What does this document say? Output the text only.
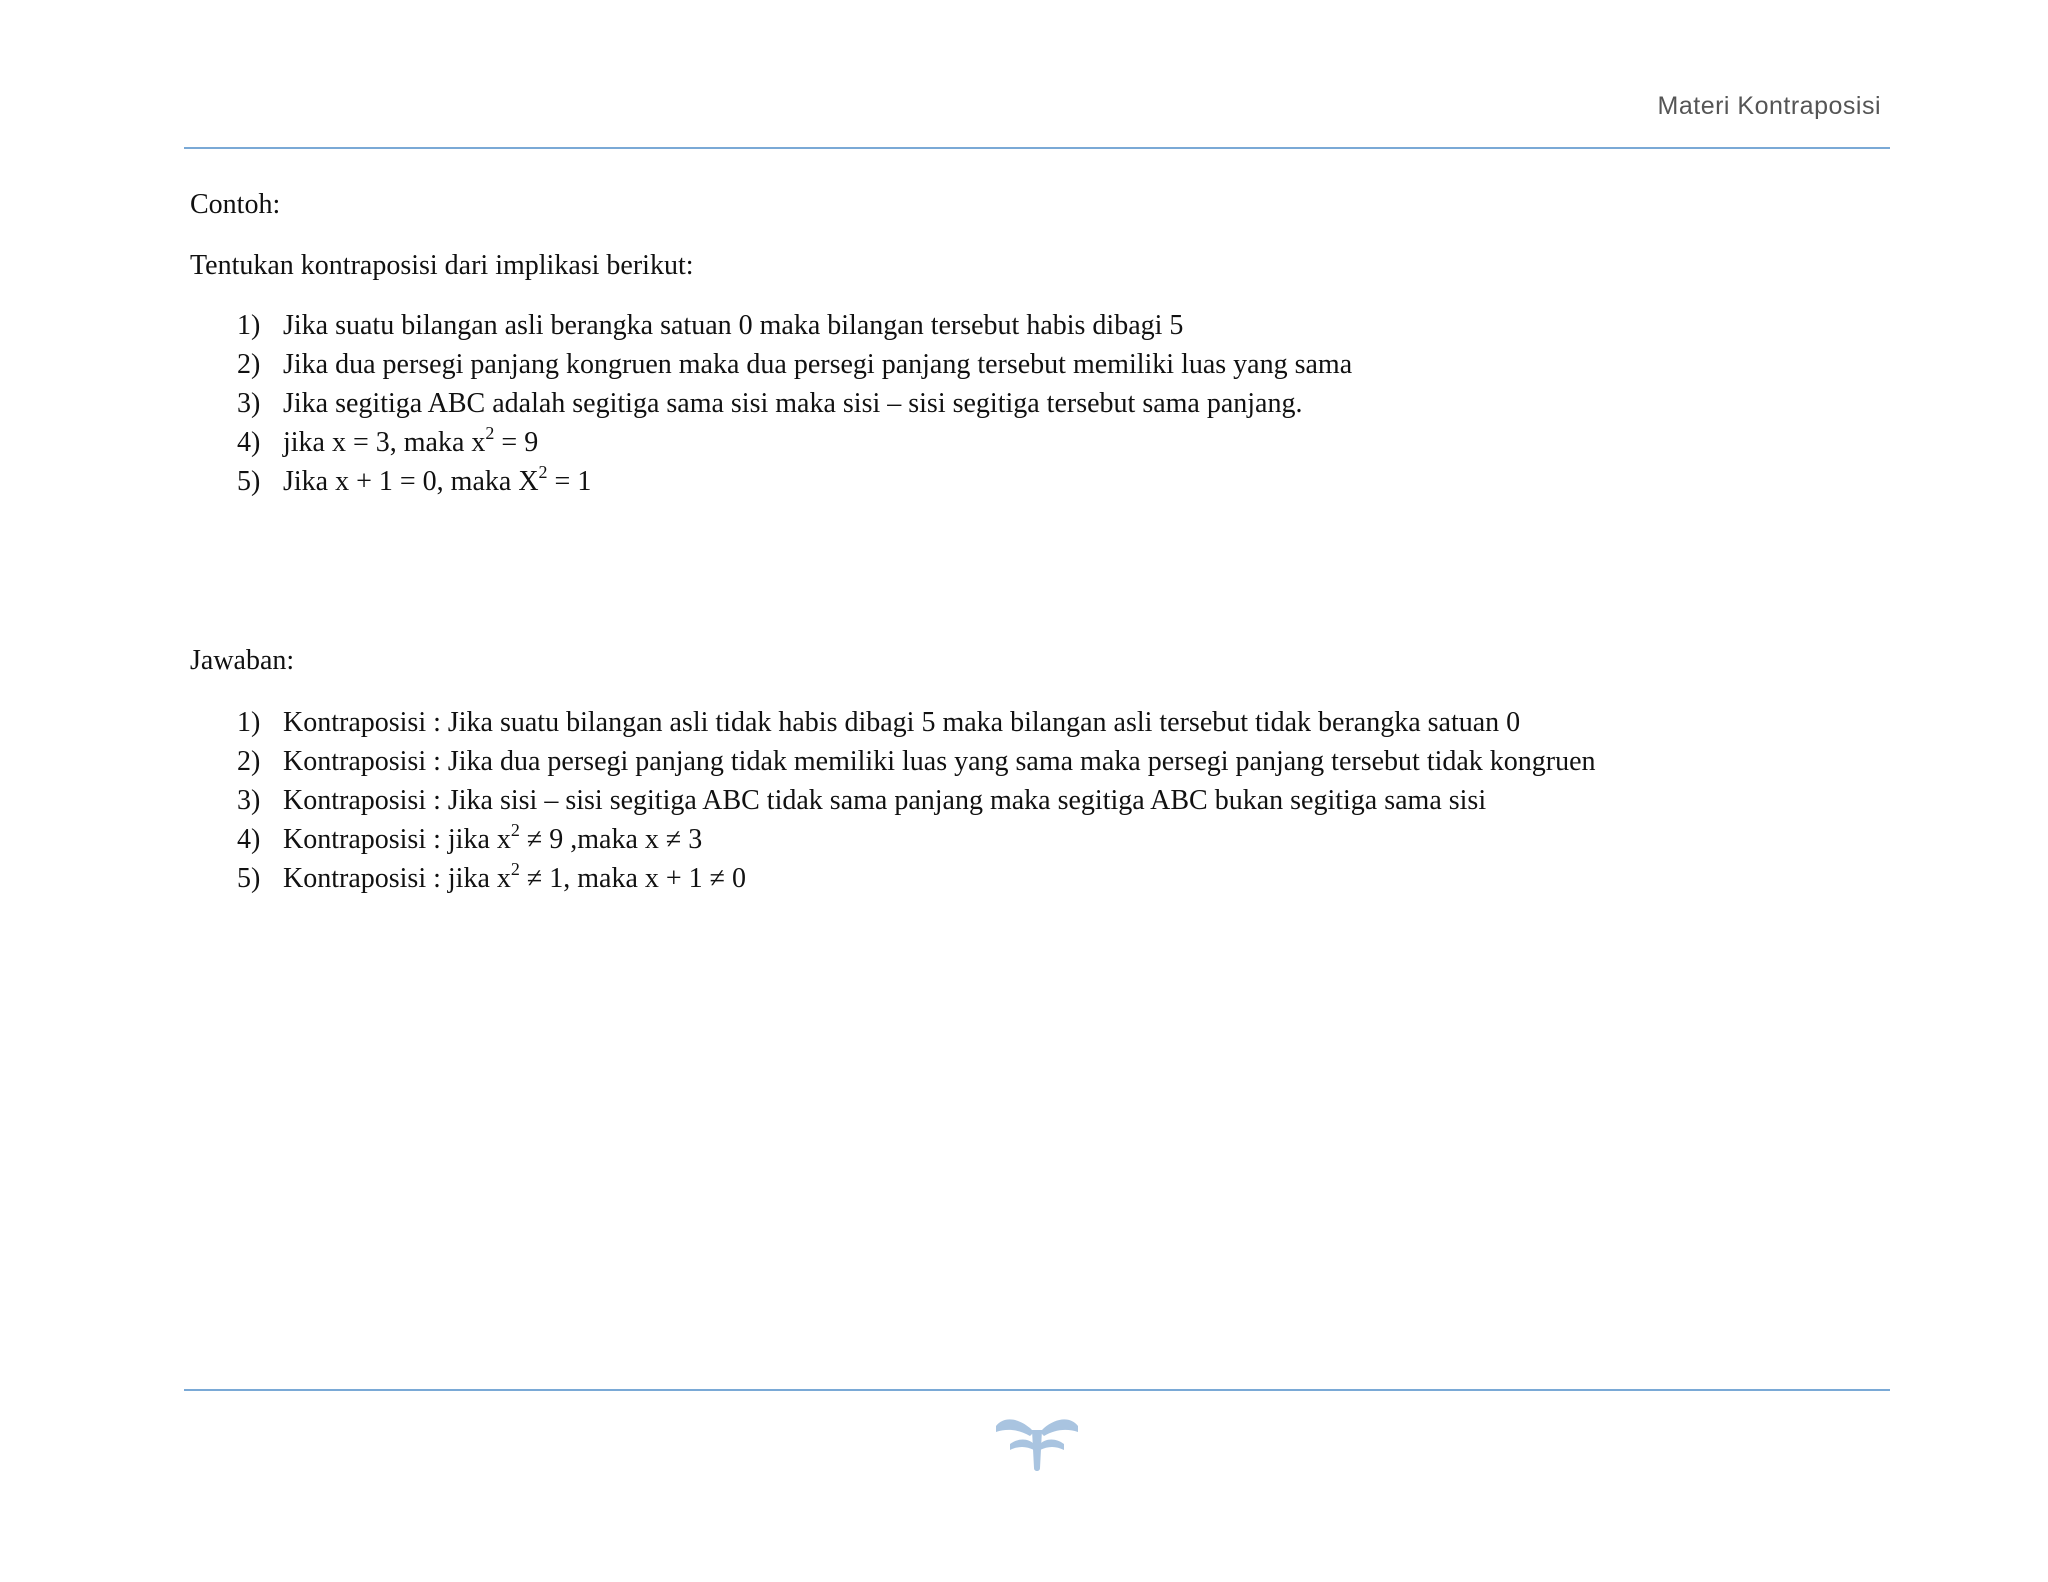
Materi Kontraposisi

Contoh:

Tentukan kontraposisi dari implikasi berikut:

1) Jika suatu bilangan asli berangka satuan 0 maka bilangan tersebut habis dibagi 5
2) Jika dua persegi panjang kongruen maka dua persegi panjang tersebut memiliki luas yang sama
3) Jika segitiga ABC adalah segitiga sama sisi maka sisi – sisi segitiga tersebut sama panjang.
4) jika x = 3, maka $x^2 = 9$
5) Jika x + 1 = 0, maka $X^2 = 1$

Jawaban:

1) Kontraposisi : Jika suatu bilangan asli tidak habis dibagi 5 maka bilangan asli tersebut tidak berangka satuan 0
2) Kontraposisi : Jika dua persegi panjang tidak memiliki luas yang sama maka persegi panjang tersebut tidak kongruen
3) Kontraposisi : Jika sisi – sisi segitiga ABC tidak sama panjang maka segitiga ABC bukan segitiga sama sisi
4) Kontraposisi : jika $x^2 \ne 9$ ,maka x ≠ 3
5) Kontraposisi : jika $x^2 \ne 1$, maka x + 1 ≠ 0
